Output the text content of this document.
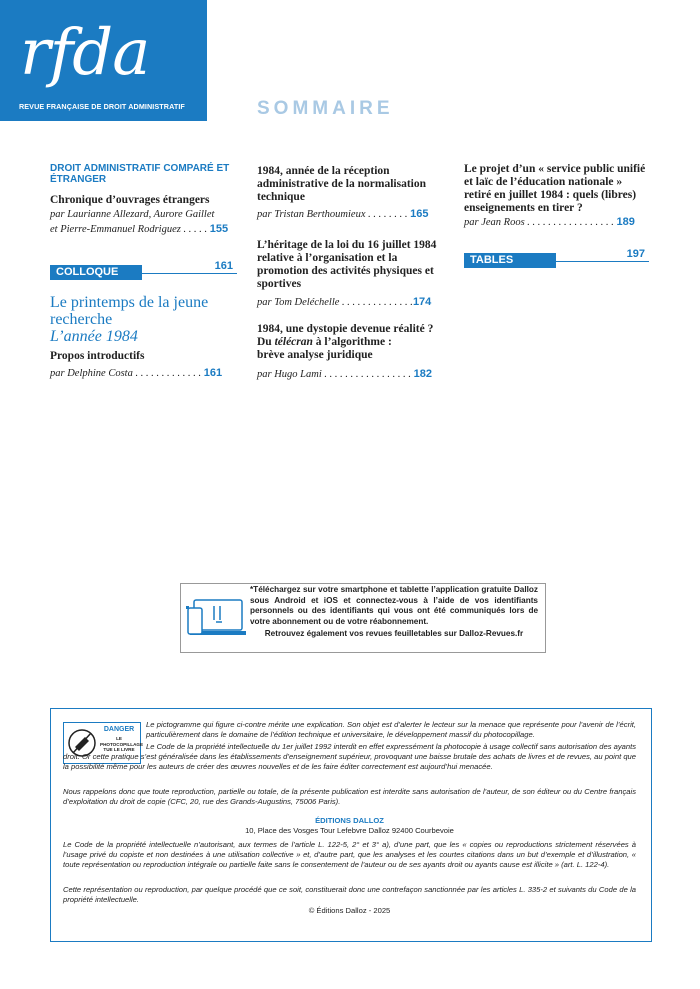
rfda
REVUE FRANÇAISE DE DROIT ADMINISTRATIF	SOMMAIRE
DROIT ADMINISTRATIF COMPARÉ ET ÉTRANGER
Chronique d’ouvrages étrangers
par Laurianne Allezard, Aurore Gaillet
et Pierre-Emmanuel Rodriguez . . . . . 155
COLLOQUE	161
Le printemps de la jeune
recherche
L’année 1984
Propos introductifs
par Delphine Costa . . . . . . . . . . . . . 161
1984, année de la réception administrative de la normalisation technique
par Tristan Berthoumieux . . . . . . . . 165
L’héritage de la loi du 16 juillet 1984 relative à l’organisation et la promotion des activités physiques et sportives
par Tom Deléchelle . . . . . . . . . . . . . .174
1984, une dystopie devenue réalité ?
Du télécran à l’algorithme :
brève analyse juridique
par Hugo Lami . . . . . . . . . . . . . . . . . 182
Le projet d’un « service public unifié et laïc de l’éducation nationale » retiré en juillet 1984 : quels (libres) enseignements en tirer ?
par Jean Roos . . . . . . . . . . . . . . . . . 189
TABLES	197
*Téléchargez sur votre smartphone et tablette l’application gratuite Dalloz sous Android et iOS et connectez-vous à l’aide de vos identifiants personnels ou des identifiants qui vous ont été communiqués lors de votre abonnement ou de votre réabonnement.
Retrouvez également vos revues feuilletables sur Dalloz-Revues.fr
DANGER
LE PHOTOCOPILLAGE TUE LE LIVRE
Le pictogramme qui figure ci-contre mérite une explication. Son objet est d’alerter le lecteur sur la menace que représente pour l’avenir de l’écrit, particulièrement dans le domaine de l’édition technique et universitaire, le développement massif du photocopillage.
Le Code de la propriété intellectuelle du 1er juillet 1992 interdit en effet expressément la photocopie à usage collectif sans autorisation des ayants droit. Or cette pratique s’est généralisée dans les établissements d’enseignement supérieur, provoquant une baisse brutale des achats de livres et de revues, au point que la possibilité même pour les auteurs de créer des œuvres nouvelles et de les faire éditer correctement est aujourd’hui menacée.
Nous rappelons donc que toute reproduction, partielle ou totale, de la présente publication est interdite sans autorisation de l’auteur, de son éditeur ou du Centre français d’exploitation du droit de copie (CFC, 20, rue des Grands-Augustins, 75006 Paris).
ÉDITIONS DALLOZ
10, Place des Vosges Tour Lefebvre Dalloz 92400 Courbevoie
Le Code de la propriété intellectuelle n’autorisant, aux termes de l’article L. 122-5, 2° et 3° a), d’une part, que les « copies ou reproductions strictement réservées à l’usage privé du copiste et non destinées à une utilisation collective » et, d’autre part, que les analyses et les courtes citations dans un but d’exemple et d’illustration, « toute représentation ou reproduction intégrale ou partielle faite sans le consentement de l’auteur ou de ses ayants droit ou ayants cause est illicite » (art. L. 122-4).
Cette représentation ou reproduction, par quelque procédé que ce soit, constituerait donc une contrefaçon sanctionnée par les articles L. 335-2 et suivants du Code de la propriété intellectuelle.
© Éditions Dalloz - 2025
